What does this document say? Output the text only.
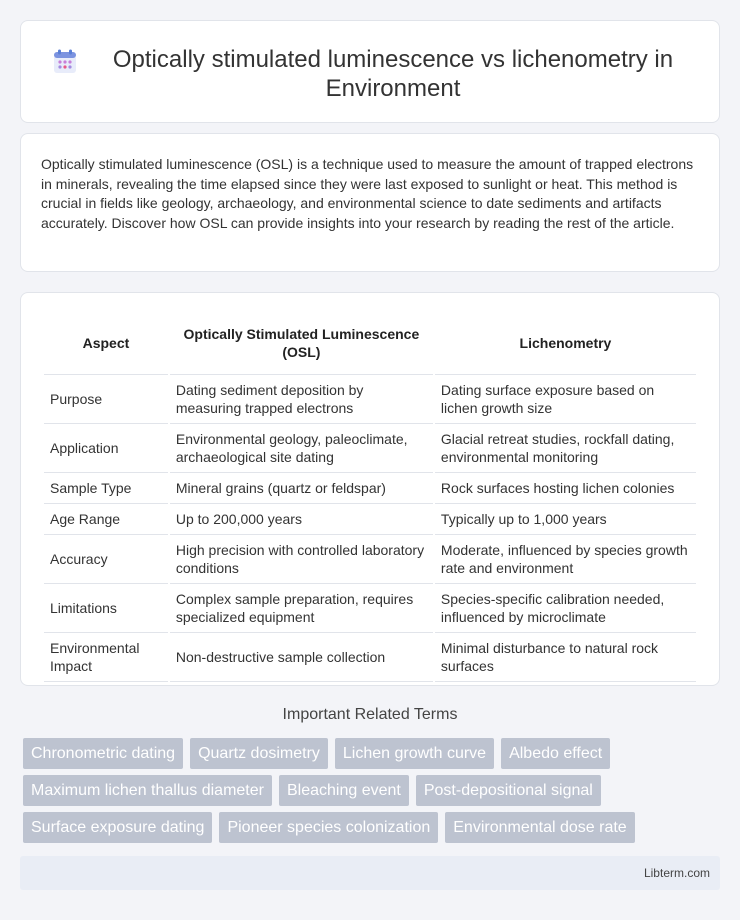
Optically stimulated luminescence vs lichenometry in Environment

Optically stimulated luminescence (OSL) is a technique used to measure the amount of trapped electrons in minerals, revealing the time elapsed since they were last exposed to sunlight or heat. This method is crucial in fields like geology, archaeology, and environmental science to date sediments and artifacts accurately. Discover how OSL can provide insights into your research by reading the rest of the article.

Aspect	Optically Stimulated Luminescence (OSL)	Lichenometry
Purpose	Dating sediment deposition by measuring trapped electrons	Dating surface exposure based on lichen growth size
Application	Environmental geology, paleoclimate, archaeological site dating	Glacial retreat studies, rockfall dating, environmental monitoring
Sample Type	Mineral grains (quartz or feldspar)	Rock surfaces hosting lichen colonies
Age Range	Up to 200,000 years	Typically up to 1,000 years
Accuracy	High precision with controlled laboratory conditions	Moderate, influenced by species growth rate and environment
Limitations	Complex sample preparation, requires specialized equipment	Species-specific calibration needed, influenced by microclimate
Environmental Impact	Non-destructive sample collection	Minimal disturbance to natural rock surfaces
Important Related Terms
Chronometric dating	Quartz dosimetry	Lichen growth curve	Albedo effect
Maximum lichen thallus diameter	Bleaching event	Post-depositional signal
Surface exposure dating	Pioneer species colonization	Environmental dose rate
Libterm.com
